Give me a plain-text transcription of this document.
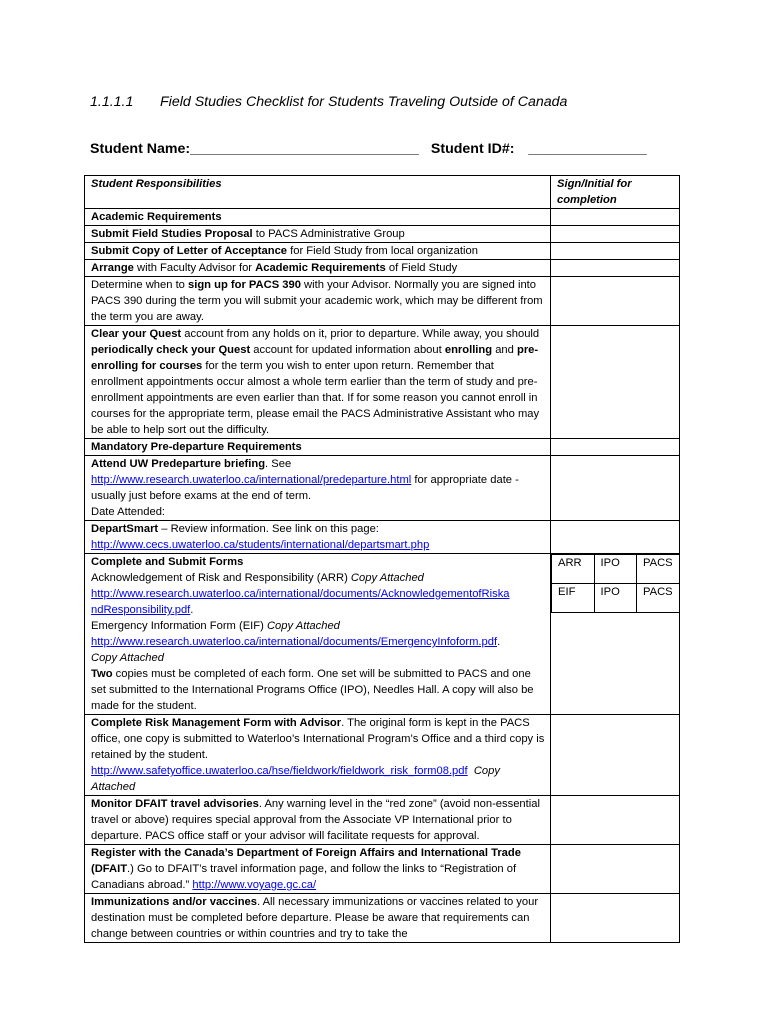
1.1.1.1 Field Studies Checklist for Students Traveling Outside of Canada
Student Name:_____________________________ Student ID#: _______________
Student Responsibilities	Sign/Initial for
completion
Academic Requirements	
Submit Field Studies Proposal to PACS Administrative Group	
Submit Copy of Letter of Acceptance for Field Study from local organization	
Arrange with Faculty Advisor for Academic Requirements of Field Study	
Determine when to sign up for PACS 390 with your Advisor. Normally you are signed into PACS 390 during the term you will submit your academic work, which may be different from the term you are away.	
Clear your Quest account from any holds on it, prior to departure. While away, you should periodically check your Quest account for updated information about enrolling and pre-enrolling for courses for the term you wish to enter upon return. Remember that enrollment appointments occur almost a whole term earlier than the term of study and pre-enrollment appointments are even earlier than that. If for some reason you cannot enroll in courses for the appropriate term, please email the PACS Administrative Assistant who may be able to help sort out the difficulty.	
Mandatory Pre-departure Requirements	
Attend UW Predeparture briefing. See http://www.research.uwaterloo.ca/international/predeparture.html for appropriate date - usually just before exams at the end of term.
Date Attended:	
DepartSmart – Review information. See link on this page:
http://www.cecs.uwaterloo.ca/students/international/departsmart.php	
Complete and Submit Forms
Acknowledgement of Risk and Responsibility (ARR) Copy Attached
http://www.research.uwaterloo.ca/international/documents/AcknowledgementofRiska
ndResponsibility.pdf.
Emergency Information Form (EIF) Copy Attached
http://www.research.uwaterloo.ca/international/documents/EmergencyInfoform.pdf.
Copy Attached
Two copies must be completed of each form. One set will be submitted to PACS and one set submitted to the International Programs Office (IPO), Needles Hall. A copy will also be made for the student.	
ARR	IPO	PACS
EIF	IPO	PACS

Complete Risk Management Form with Advisor. The original form is kept in the PACS office, one copy is submitted to Waterloo’s International Program’s Office and a third copy is retained by the student.
http://www.safetyoffice.uwaterloo.ca/hse/fieldwork/fieldwork_risk_form08.pdf Copy Attached	
Monitor DFAIT travel advisories. Any warning level in the “red zone” (avoid non-essential travel or above) requires special approval from the Associate VP International prior to departure. PACS office staff or your advisor will facilitate requests for approval.	
Register with the Canada’s Department of Foreign Affairs and International Trade (DFAIT.) Go to DFAIT’s travel information page, and follow the links to “Registration of Canadians abroad.” http://www.voyage.gc.ca/	
Immunizations and/or vaccines. All necessary immunizations or vaccines related to your destination must be completed before departure. Please be aware that requirements can change between countries or within countries and try to take the	
